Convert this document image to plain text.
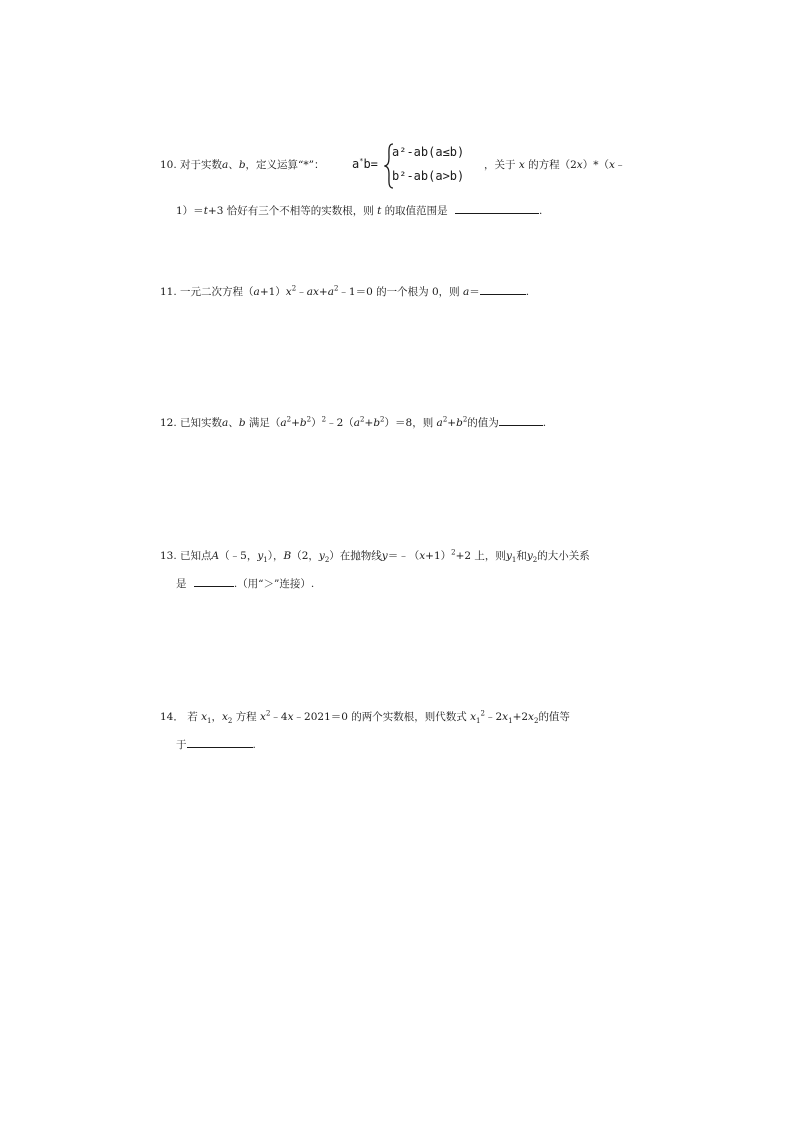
10. 对于实数a、b，定义运算“*”： a*b=
a²-ab(a≤b)
b²-ab(a>b)
，关于 x 的方程（2x）*（x﹣
1）＝t+3 恰好有三个不相等的实数根，则 t 的取值范围是	.
11. 一元二次方程$(a+1)x^2﹣ax+a^2﹣1=0$ 的一个根为 0，则 a＝	.
12. 已知实数a、b 满足$(a^2+b^2)^2﹣2(a^2+b^2)=8$，则 $a^2+b^2$的值为	.
13. 已知点A（﹣5，$y_1$），B（2，$y_2$）在抛物线$y=﹣(x+1)^2+2$ 上，则$y_1$和$y_2$的大小关系
是	.（用“＞”连接）.
14． 若 $x_1$，$x_2$ 方程 $x^2﹣4x﹣2021=0$ 的两个实数根，则代数式 $x_1^2﹣2x_1+2x_2$的值等
于	.
